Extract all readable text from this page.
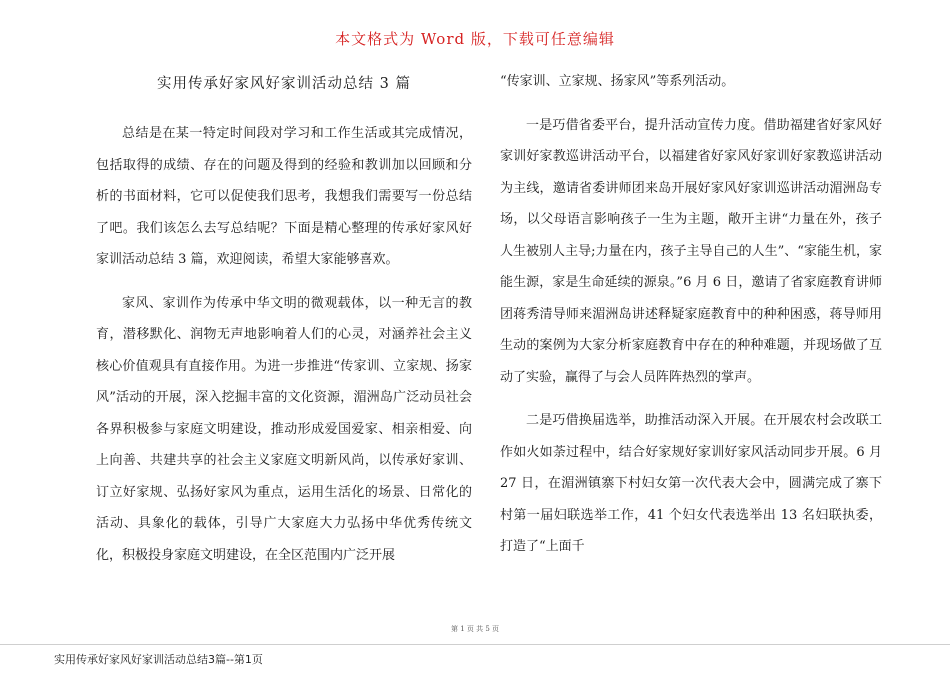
本文格式为 Word 版，下载可任意编辑
实用传承好家风好家训活动总结 3 篇

总结是在某一特定时间段对学习和工作生活或其完成情况，包括取得的成绩、存在的问题及得到的经验和教训加以回顾和分析的书面材料，它可以促使我们思考，我想我们需要写一份总结了吧。我们该怎么去写总结呢？下面是精心整理的传承好家风好家训活动总结 3 篇，欢迎阅读，希望大家能够喜欢。

家风、家训作为传承中华文明的微观载体，以一种无言的教育，潜移默化、润物无声地影响着人们的心灵，对涵养社会主义核心价值观具有直接作用。为进一步推进“传家训、立家规、扬家风”活动的开展，深入挖掘丰富的文化资源，湄洲岛广泛动员社会各界积极参与家庭文明建设，推动形成爱国爱家、相亲相爱、向上向善、共建共享的社会主义家庭文明新风尚，以传承好家训、订立好家规、弘扬好家风为重点，运用生活化的场景、日常化的活动、具象化的载体，引导广大家庭大力弘扬中华优秀传统文化，积极投身家庭文明建设，在全区范围内广泛开展

“传家训、立家规、扬家风”等系列活动。

一是巧借省委平台，提升活动宣传力度。借助福建省好家风好家训好家教巡讲活动平台，以福建省好家风好家训好家教巡讲活动为主线，邀请省委讲师团来岛开展好家风好家训巡讲活动湄洲岛专场，以父母语言影响孩子一生为主题，敞开主讲“力量在外，孩子人生被别人主导;力量在内，孩子主导自己的人生”、“家能生机，家能生源，家是生命延续的源泉。”6 月 6 日，邀请了省家庭教育讲师团蒋秀清导师来湄洲岛讲述释疑家庭教育中的种种困惑，蒋导师用生动的案例为大家分析家庭教育中存在的种种难题，并现场做了互动了实验，赢得了与会人员阵阵热烈的掌声。

二是巧借换届选举，助推活动深入开展。在开展农村会改联工作如火如荼过程中，结合好家规好家训好家风活动同步开展。6 月 27 日，在湄洲镇寨下村妇女第一次代表大会中，圆满完成了寨下村第一届妇联选举工作，41 个妇女代表选举出 13 名妇联执委，打造了“上面千

第 1 页 共 5 页
实用传承好家风好家训活动总结3篇--第1页
